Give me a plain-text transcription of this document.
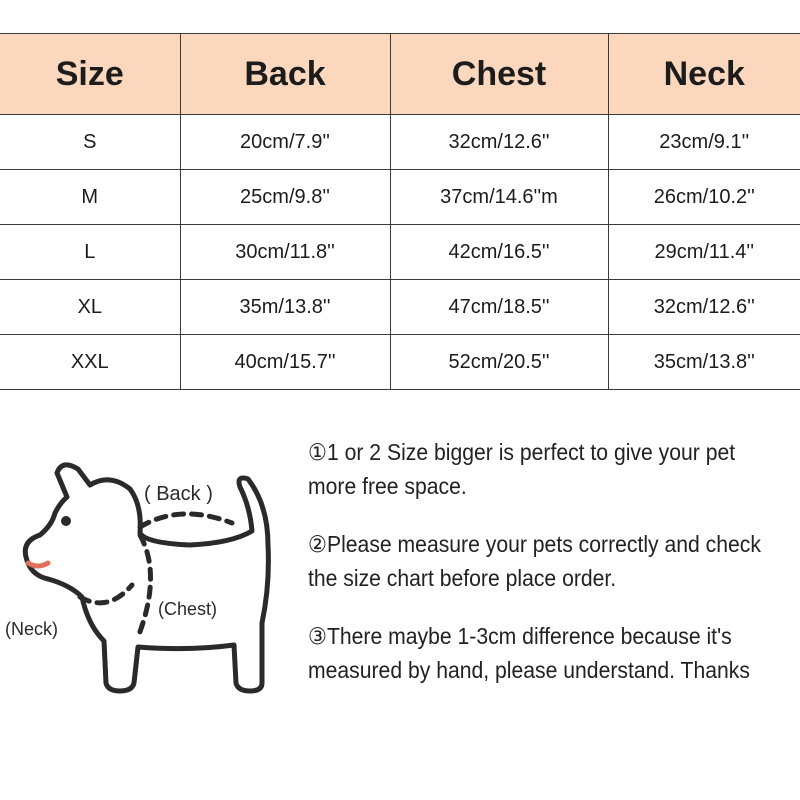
Size	Back	Chest	Neck
S	20cm/7.9''	32cm/12.6''	23cm/9.1''
M	25cm/9.8''	37cm/14.6''m	26cm/10.2''
L	30cm/11.8''	42cm/16.5''	29cm/11.4''
XL	35m/13.8''	47cm/18.5''	32cm/12.6''
XXL	40cm/15.7''	52cm/20.5''	35cm/13.8''
( Back )
(Chest)
(Neck)

①1 or 2 Size bigger is perfect to give your pet more free space.

②Please measure your pets correctly and check the size chart before place order.

③There maybe 1-3cm difference because it's measured by hand, please understand. Thanks
